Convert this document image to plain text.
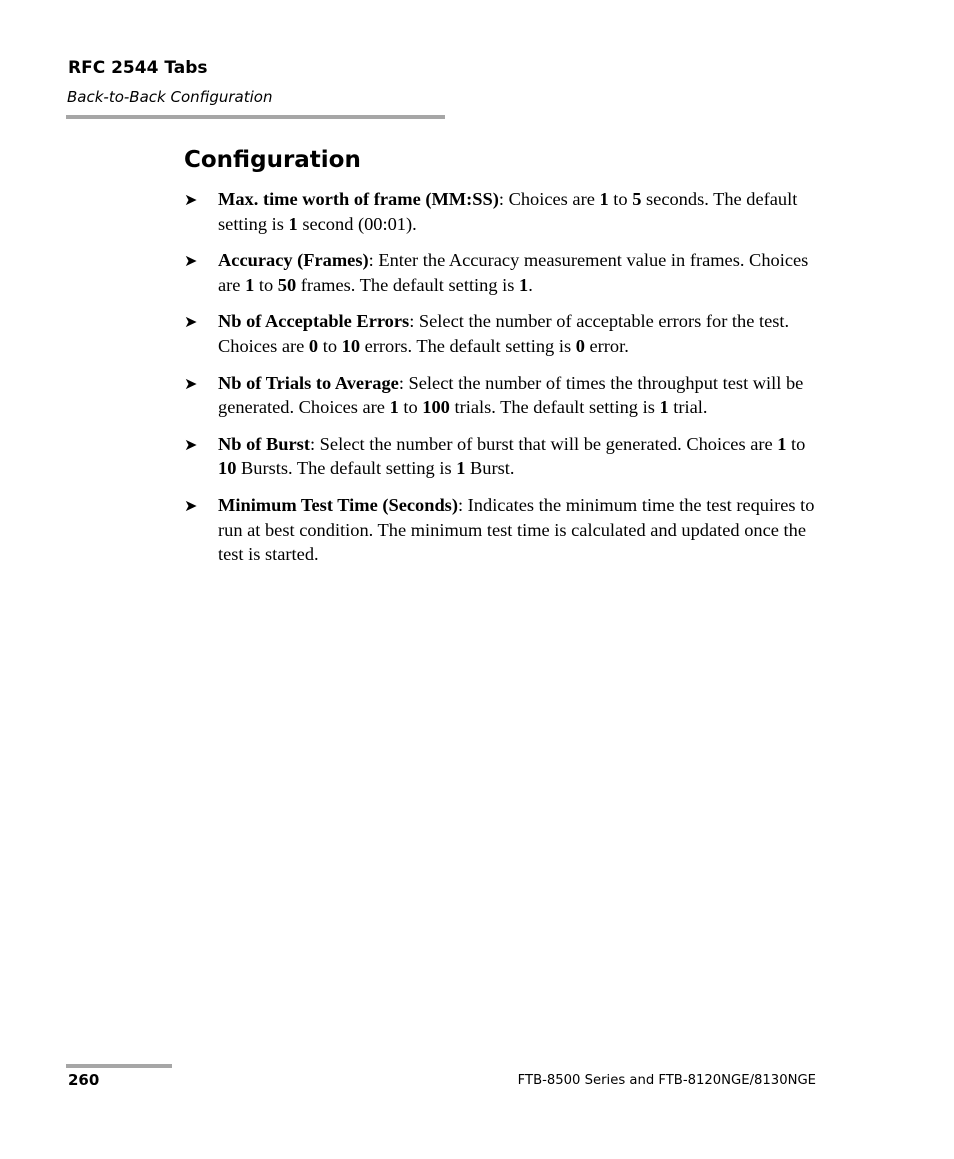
RFC 2544 Tabs
Back-to-Back Configuration
Configuration
➤ Max. time worth of frame (MM:SS): Choices are 1 to 5 seconds. The default setting is 1 second (00:01).
➤ Accuracy (Frames): Enter the Accuracy measurement value in frames. Choices are 1 to 50 frames. The default setting is 1.
➤ Nb of Acceptable Errors: Select the number of acceptable errors for the test. Choices are 0 to 10 errors. The default setting is 0 error.
➤ Nb of Trials to Average: Select the number of times the throughput test will be generated. Choices are 1 to 100 trials. The default setting is 1 trial.
➤ Nb of Burst: Select the number of burst that will be generated. Choices are 1 to 10 Bursts. The default setting is 1 Burst.
➤ Minimum Test Time (Seconds): Indicates the minimum time the test requires to run at best condition. The minimum test time is calculated and updated once the test is started.
260	FTB-8500 Series and FTB-8120NGE/8130NGE
